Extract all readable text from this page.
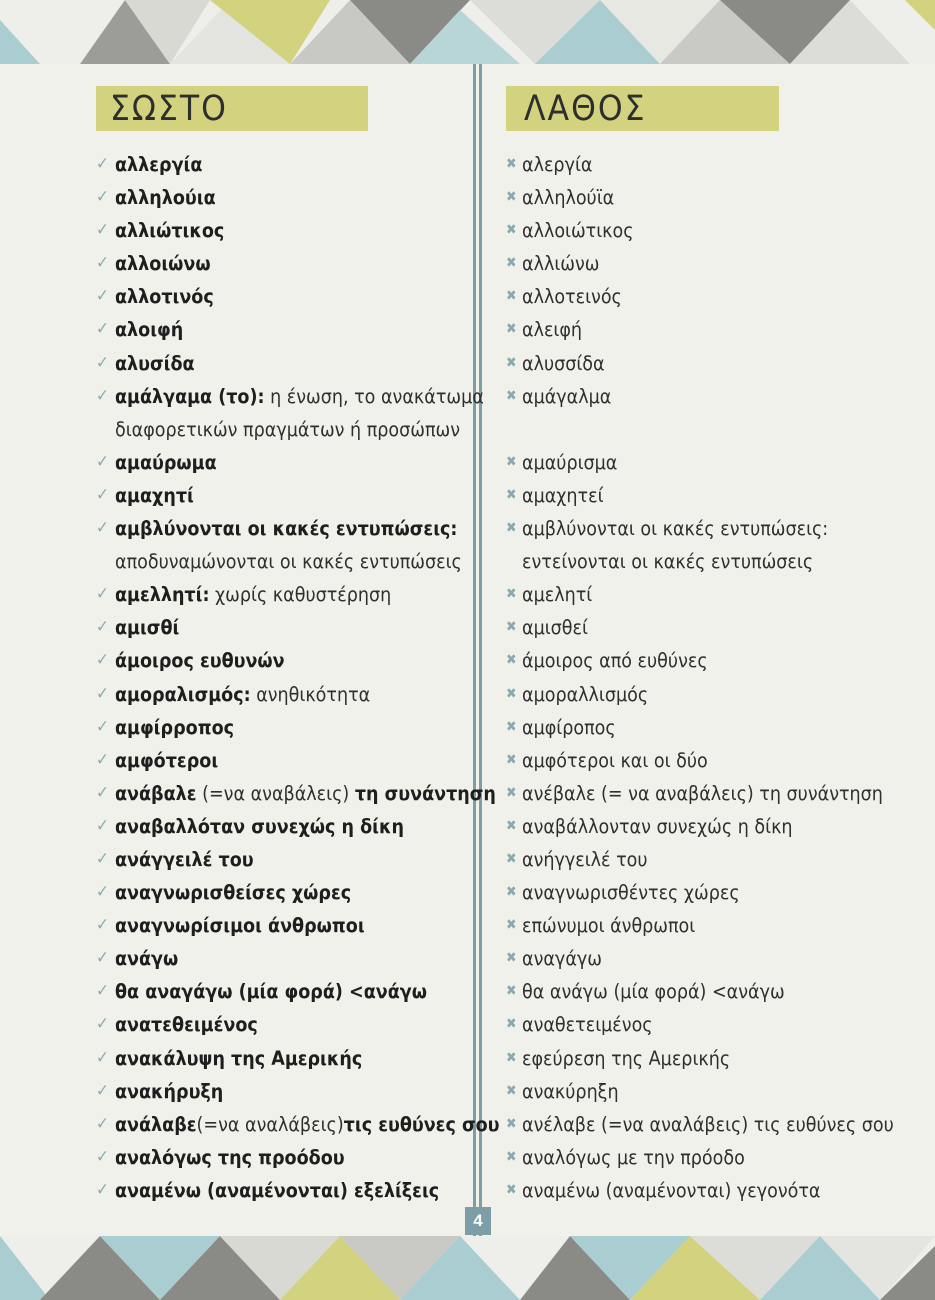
ΣΩΣΤΟ
✓ αλλεργία
✓ αλληλούια
✓ αλλιώτικος
✓ αλλοιώνω
✓ αλλοτινός
✓ αλοιφή
✓ αλυσίδα
✓ αμάλγαμα (το): η ένωση, το ανακάτωμα
διαφορετικών πραγμάτων ή προσώπων
✓ αμαύρωμα
✓ αμαχητί
✓ αμβλύνονται οι κακές εντυπώσεις:
αποδυναμώνονται οι κακές εντυπώσεις
✓ αμελλητί: χωρίς καθυστέρηση
✓ αμισθί
✓ άμοιρος ευθυνών
✓ αμοραλισμός: ανηθικότητα
✓ αμφίρροπος
✓ αμφότεροι
✓ ανάβαλε (=να αναβάλεις) τη συνάντηση
✓ αναβαλλόταν συνεχώς η δίκη
✓ ανάγγειλέ του
✓ αναγνωρισθείσες χώρες
✓ αναγνωρίσιμοι άνθρωποι
✓ ανάγω
✓ θα αναγάγω (μία φορά) <ανάγω
✓ ανατεθειμένος
✓ ανακάλυψη της Αμερικής
✓ ανακήρυξη
✓ ανάλαβε(=να αναλάβεις)τις ευθύνες σου
✓ αναλόγως της προόδου
✓ αναμένω (αναμένονται) εξελίξεις
ΛΑΘΟΣ
✖ αλεργία
✖ αλληλούϊα
✖ αλλοιώτικος
✖ αλλιώνω
✖ αλλοτεινός
✖ αλειφή
✖ αλυσσίδα
✖ αμάγαλμα
✖ αμαύρισμα
✖ αμαχητεί
✖ αμβλύνονται οι κακές εντυπώσεις:
εντείνονται οι κακές εντυπώσεις
✖ αμελητί
✖ αμισθεί
✖ άμοιρος από ευθύνες
✖ αμοραλλισμός
✖ αμφίροπος
✖ αμφότεροι και οι δύο
✖ ανέβαλε (= να αναβάλεις) τη συνάντηση
✖ αναβάλλονταν συνεχώς η δίκη
✖ ανήγγειλέ του
✖ αναγνωρισθέντες χώρες
✖ επώνυμοι άνθρωποι
✖ αναγάγω
✖ θα ανάγω (μία φορά) <ανάγω
✖ αναθετειμένος
✖ εφεύρεση της Αμερικής
✖ ανακύρηξη
✖ ανέλαβε (=να αναλάβεις) τις ευθύνες σου
✖ αναλόγως με την πρόοδο
✖ αναμένω (αναμένονται) γεγονότα
4
